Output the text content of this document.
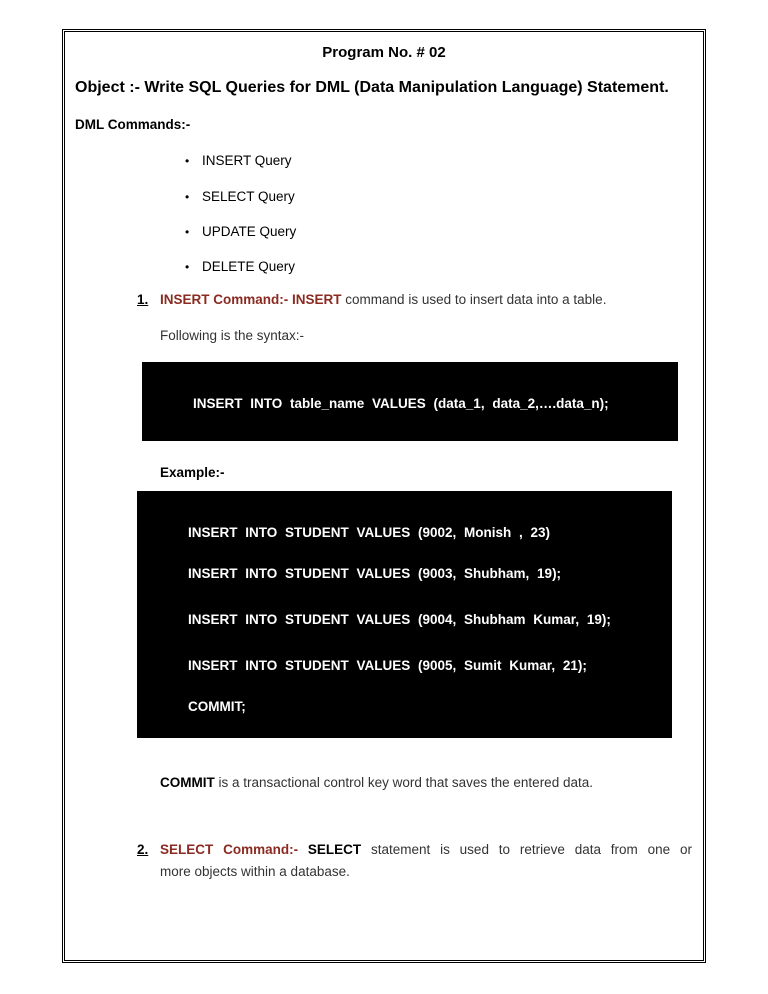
Program No. # 02
Object :- Write SQL Queries for DML (Data Manipulation Language) Statement.
DML Commands:-
• INSERT Query
• SELECT Query
• UPDATE Query
• DELETE Query
1. INSERT Command:- INSERT command is used to insert data into a table.
Following is the syntax:-
INSERT INTO table_name VALUES (data_1, data_2,….data_n);
Example:-
INSERT INTO STUDENT VALUES (9002, Monish , 23)
INSERT INTO STUDENT VALUES (9003, Shubham, 19);
INSERT INTO STUDENT VALUES (9004, Shubham Kumar, 19);
INSERT INTO STUDENT VALUES (9005, Sumit Kumar, 21);
COMMIT;
COMMIT is a transactional control key word that saves the entered data.
2. SELECT Command:- SELECT statement is used to retrieve data from one or
more objects within a database.
